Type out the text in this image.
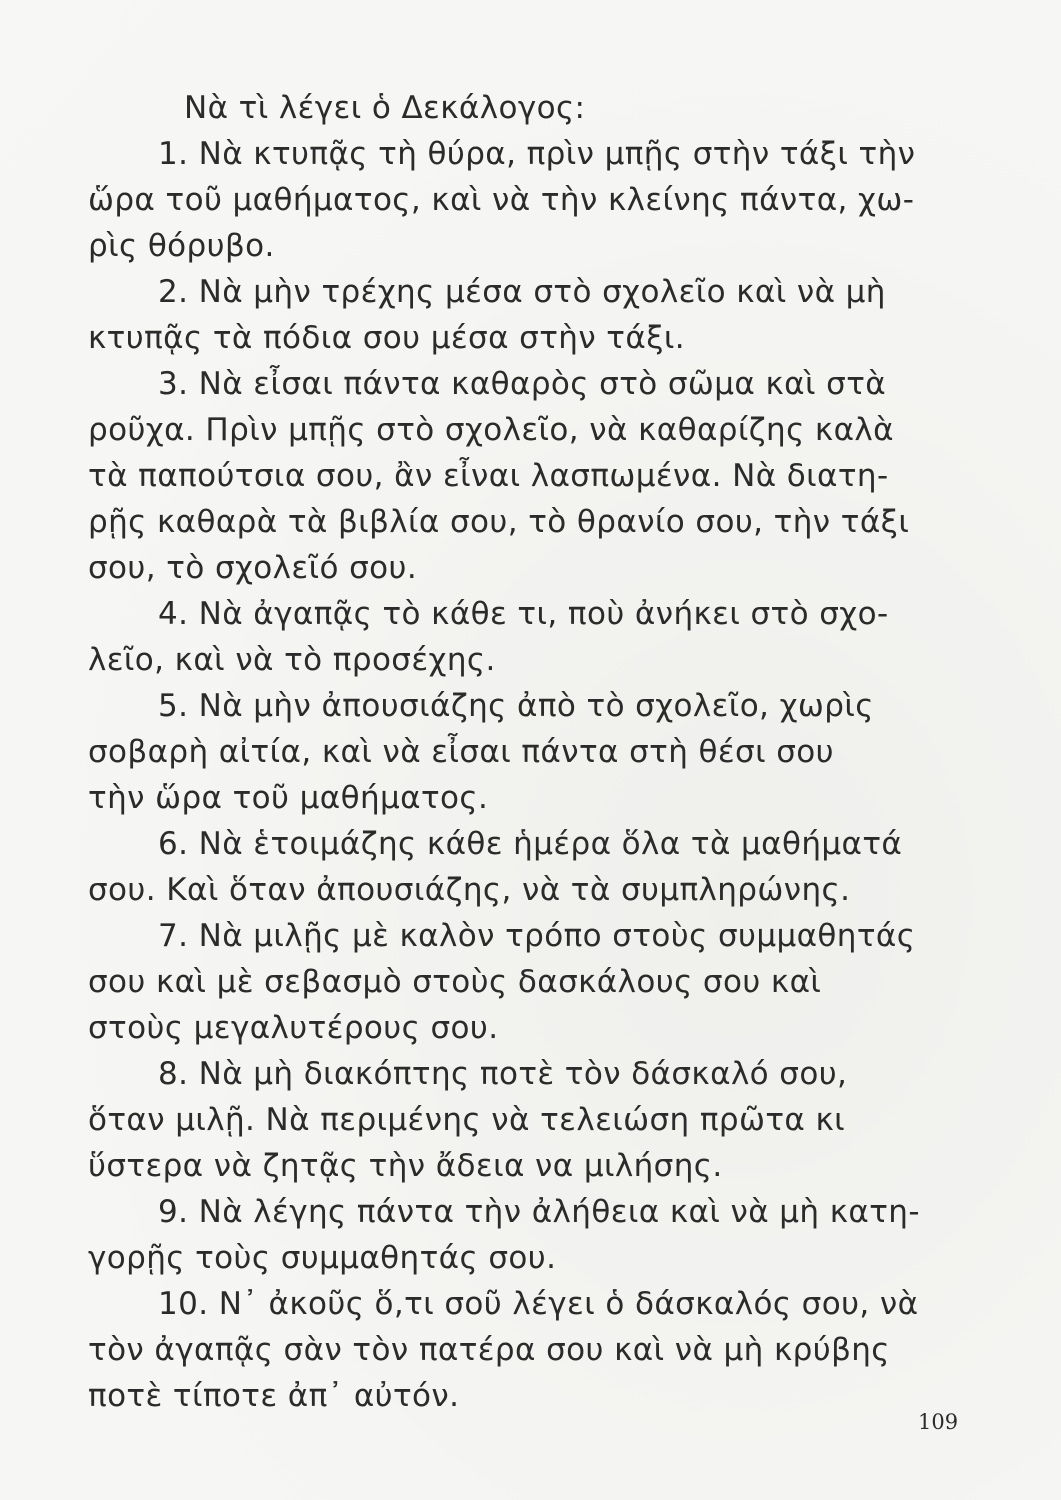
Νὰ τὶ λέγει ὁ Δεκάλογος:
1. Νὰ κτυπᾷς τὴ θύρα, πρὶν μπῇς στὴν τάξι τὴν
ὥρα τοῦ μαθήματος, καὶ νὰ τὴν κλείνης πάντα, χω-
ρὶς θόρυβο.
2. Νὰ μὴν τρέχης μέσα στὸ σχολεῖο καὶ νὰ μὴ
κτυπᾷς τὰ πόδια σου μέσα στὴν τάξι.
3. Νὰ εἶσαι πάντα καθαρὸς στὸ σῶμα καὶ στὰ
ροῦχα. Πρὶν μπῇς στὸ σχολεῖο, νὰ καθαρίζης καλὰ
τὰ παπούτσια σου, ἂν εἶναι λασπωμένα. Νὰ διατη-
ρῇς καθαρὰ τὰ βιβλία σου, τὸ θρανίο σου, τὴν τάξι
σου, τὸ σχολεῖό σου.
4. Νὰ ἀγαπᾷς τὸ κάθε τι, ποὺ ἀνήκει στὸ σχο-
λεῖο, καὶ νὰ τὸ προσέχης.
5. Νὰ μὴν ἀπουσιάζης ἀπὸ τὸ σχολεῖο, χωρὶς
σοβαρὴ αἰτία, καὶ νὰ εἶσαι πάντα στὴ θέσι σου
τὴν ὥρα τοῦ μαθήματος.
6. Νὰ ἑτοιμάζης κάθε ἡμέρα ὅλα τὰ μαθήματά
σου. Καὶ ὅταν ἀπουσιάζης, νὰ τὰ συμπληρώνης.
7. Νὰ μιλῇς μὲ καλὸν τρόπο στοὺς συμμαθητάς
σου καὶ μὲ σεβασμὸ στοὺς δασκάλους σου καὶ
στοὺς μεγαλυτέρους σου.
8. Νὰ μὴ διακόπτης ποτὲ τὸν δάσκαλό σου,
ὅταν μιλῇ. Νὰ περιμένης νὰ τελειώση πρῶτα κι
ὕστερα νὰ ζητᾷς τὴν ἄδεια να μιλήσης.
9. Νὰ λέγης πάντα τὴν ἀλήθεια καὶ νὰ μὴ κατη-
γορῇς τοὺς συμμαθητάς σου.
10. Ν᾽ ἀκοῦς ὅ,τι σοῦ λέγει ὁ δάσκαλός σου, νὰ
τὸν ἀγαπᾷς σὰν τὸν πατέρα σου καὶ νὰ μὴ κρύβης
ποτὲ τίποτε ἀπ᾽ αὐτόν.
109
